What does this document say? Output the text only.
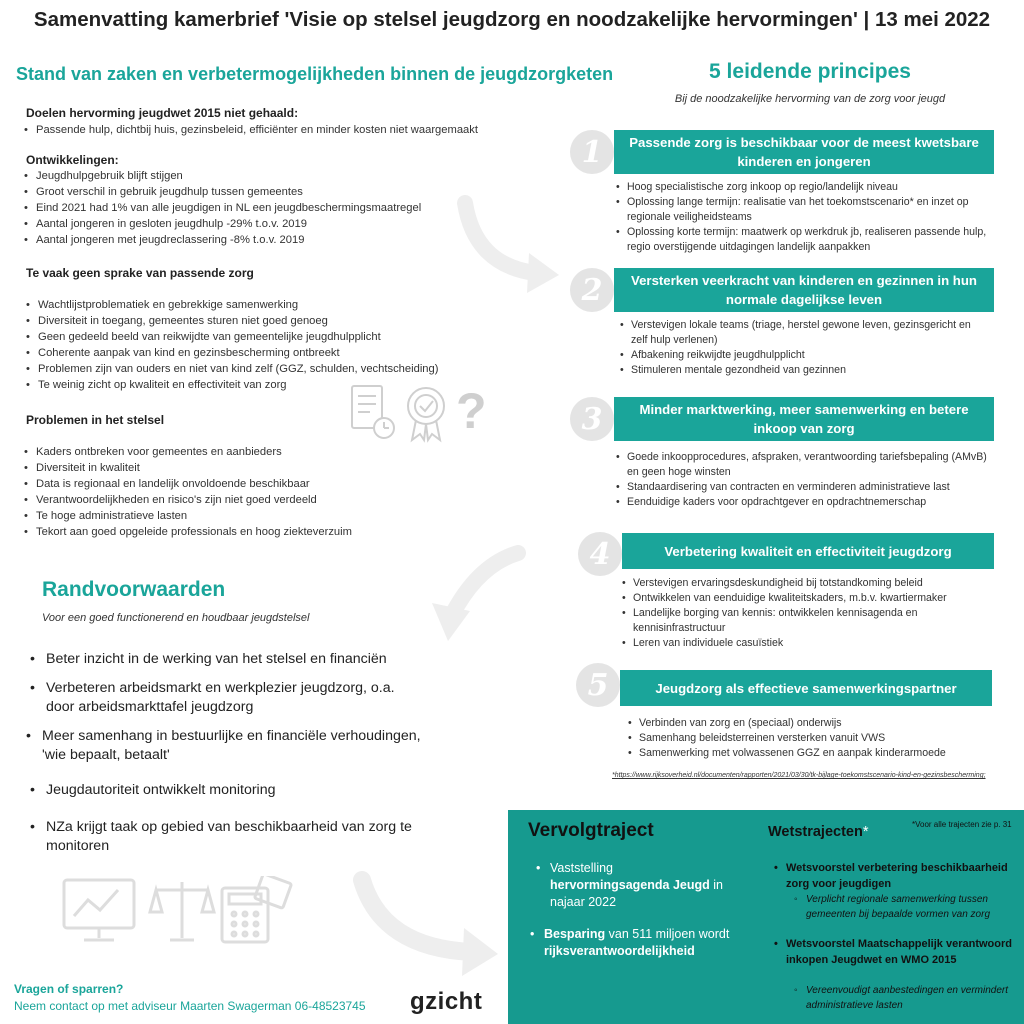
Samenvatting kamerbrief 'Visie op stelsel jeugdzorg en noodzakelijke hervormingen' | 13 mei 2022
Stand van zaken en verbetermogelijkheden binnen de jeugdzorgketen
Doelen hervorming jeugdwet 2015 niet gehaald:
• Passende hulp, dichtbij huis, gezinsbeleid, efficiënter en minder kosten niet waargemaakt
Ontwikkelingen:
• Jeugdhulpgebruik blijft stijgen
• Groot verschil in gebruik jeugdhulp tussen gemeentes
• Eind 2021 had 1% van alle jeugdigen in NL een jeugdbeschermingsmaatregel
• Aantal jongeren in gesloten jeugdhulp -29% t.o.v. 2019
• Aantal jongeren met jeugdreclassering -8% t.o.v. 2019
Te vaak geen sprake van passende zorg
• Wachtlijstproblematiek en gebrekkige samenwerking
• Diversiteit in toegang, gemeentes sturen niet goed genoeg
• Geen gedeeld beeld van reikwijdte van gemeentelijke jeugdhulpplicht
• Coherente aanpak van kind en gezinsbescherming ontbreekt
• Problemen zijn van ouders en niet van kind zelf (GGZ, schulden, vechtscheiding)
• Te weinig zicht op kwaliteit en effectiviteit van zorg	?
Problemen in het stelsel
• Kaders ontbreken voor gemeentes en aanbieders
• Diversiteit in kwaliteit
• Data is regionaal en landelijk onvoldoende beschikbaar
• Verantwoordelijkheden en risico's zijn niet goed verdeeld
• Te hoge administratieve lasten
• Tekort aan goed opgeleide professionals en hoog ziekteverzuim
Randvoorwaarden
Voor een goed functionerend en houdbaar jeugdstelsel
• Beter inzicht in de werking van het stelsel en financiën
• Verbeteren arbeidsmarkt en werkplezier jeugdzorg, o.a. door arbeidsmarkttafel jeugdzorg
• Meer samenhang in bestuurlijke en financiële verhoudingen, 'wie bepaalt, betaalt'
• Jeugdautoriteit ontwikkelt monitoring
• NZa krijgt taak op gebied van beschikbaarheid van zorg te monitoren
Vragen of sparren?
Neem contact op met adviseur Maarten Swagerman 06-48523745 gzicht
5 leidende principes
Bij de noodzakelijke hervorming van de zorg voor jeugd
1	Passende zorg is beschikbaar voor de meest kwetsbare kinderen en jongeren
• Hoog specialistische zorg inkoop op regio/landelijk niveau
• Oplossing lange termijn: realisatie van het toekomstscenario* en inzet op regionale veiligheidsteams
• Oplossing korte termijn: maatwerk op werkdruk jb, realiseren passende hulp, regio overstijgende uitdagingen landelijk aanpakken
2	Versterken veerkracht van kinderen en gezinnen in hun normale dagelijkse leven
• Verstevigen lokale teams (triage, herstel gewone leven, gezinsgericht en zelf hulp verlenen)
• Afbakening reikwijdte jeugdhulpplicht
• Stimuleren mentale gezondheid van gezinnen
3	Minder marktwerking, meer samenwerking en betere inkoop van zorg
• Goede inkoopprocedures, afspraken, verantwoording tariefsbepaling (AMvB) en geen hoge winsten
• Standaardisering van contracten en verminderen administratieve last
• Eenduidige kaders voor opdrachtgever en opdrachtnemerschap
4	Verbetering kwaliteit en effectiviteit jeugdzorg
• Verstevigen ervaringsdeskundigheid bij totstandkoming beleid
• Ontwikkelen van eenduidige kwaliteitskaders, m.b.v. kwartiermaker
• Landelijke borging van kennis: ontwikkelen kennisagenda en kennisinfrastructuur
• Leren van individuele casuïstiek
5	Jeugdzorg als effectieve samenwerkingspartner
• Verbinden van zorg en (speciaal) onderwijs
• Samenhang beleidsterreinen versterken vanuit VWS
• Samenwerking met volwassenen GGZ en aanpak kinderarmoede
*https://www.rijksoverheid.nl/documenten/rapporten/2021/03/30/tk-bijlage-toekomstscenario-kind-en-gezinsbescherming;
Vervolgtraject
• Vaststelling
hervormingsagenda Jeugd in najaar 2022
• Besparing van 511 miljoen wordt rijksverantwoordelijkheid
Wetstrajecten*	*Voor alle trajecten zie p. 31
• Wetsvoorstel verbetering beschikbaarheid zorg voor jeugdigen
◦ Verplicht regionale samenwerking tussen gemeenten bij bepaalde vormen van zorg
• Wetsvoorstel Maatschappelijk verantwoord inkopen Jeugdwet en WMO 2015
◦ Vereenvoudigt aanbestedingen en vermindert administratieve lasten
